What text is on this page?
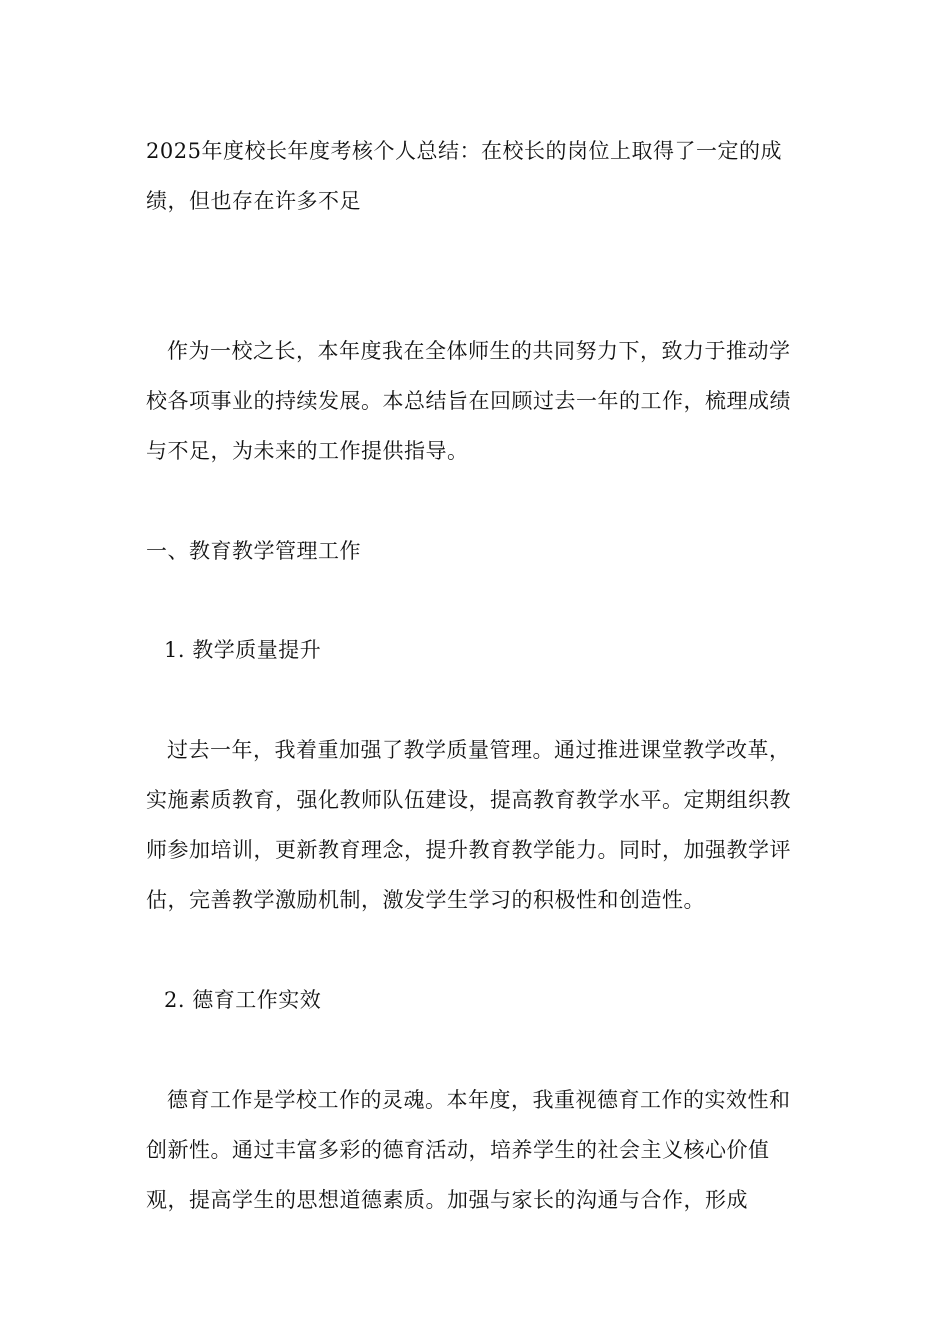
2025年度校长年度考核个人总结：在校长的岗位上取得了一定的成绩，但也存在许多不足

作为一校之长，本年度我在全体师生的共同努力下，致力于推动学校各项事业的持续发展。本总结旨在回顾过去一年的工作，梳理成绩与不足，为未来的工作提供指导。

一、教育教学管理工作

1. 教学质量提升

过去一年，我着重加强了教学质量管理。通过推进课堂教学改革，实施素质教育，强化教师队伍建设，提高教育教学水平。定期组织教师参加培训，更新教育理念，提升教育教学能力。同时，加强教学评估，完善教学激励机制，激发学生学习的积极性和创造性。

2. 德育工作实效

德育工作是学校工作的灵魂。本年度，我重视德育工作的实效性和创新性。通过丰富多彩的德育活动，培养学生的社会主义核心价值观，提高学生的思想道德素质。加强与家长的沟通与合作，形成
